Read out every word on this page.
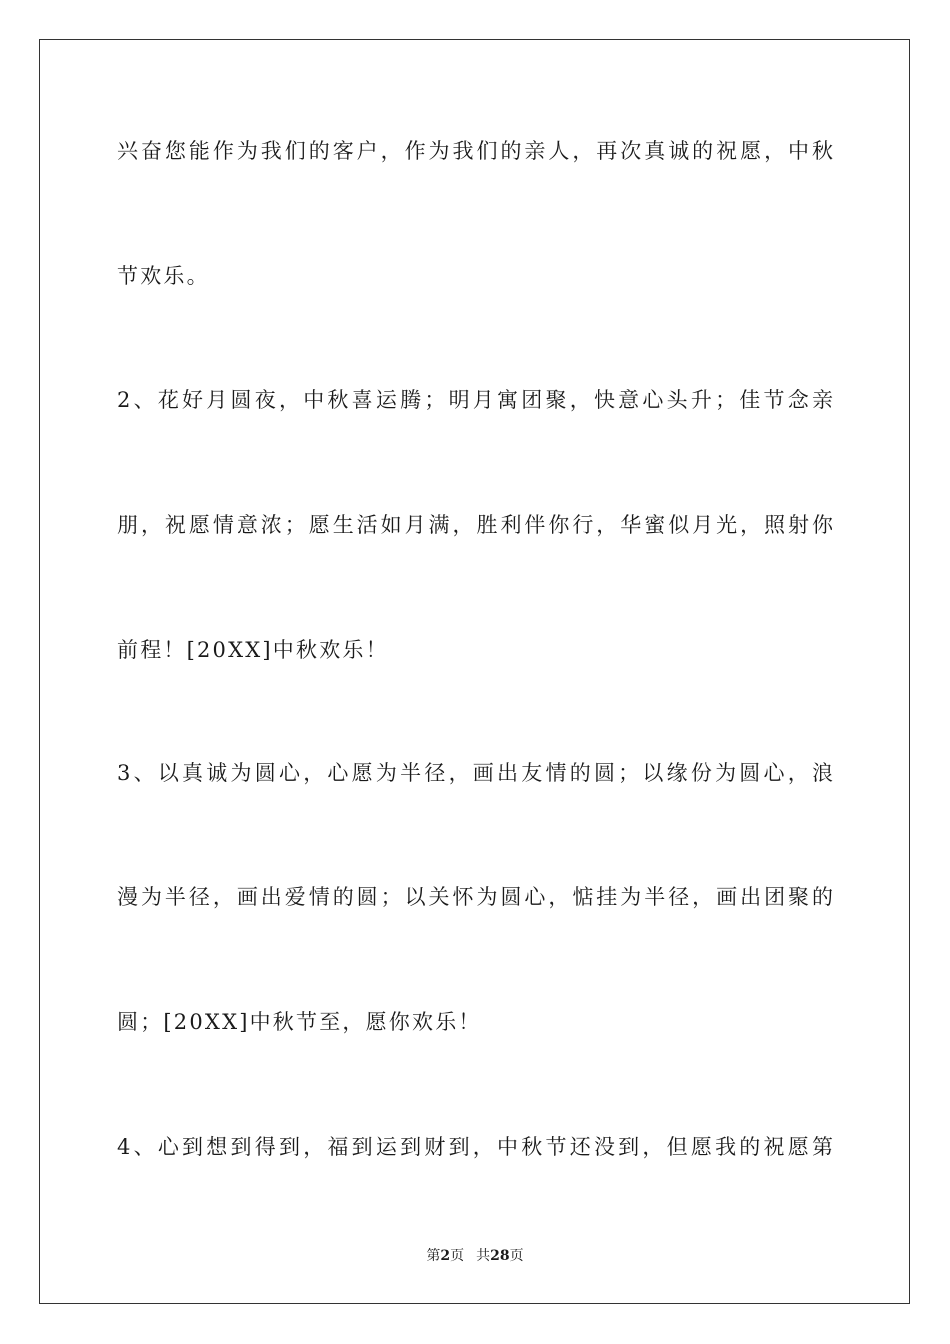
兴奋您能作为我们的客户，作为我们的亲人，再次真诚的祝愿，中秋
节欢乐。
2、花好月圆夜，中秋喜运腾；明月寓团聚，快意心头升；佳节念亲
朋，祝愿情意浓；愿生活如月满，胜利伴你行，华蜜似月光，照射你
前程！[20XX]中秋欢乐！
3、以真诚为圆心，心愿为半径，画出友情的圆；以缘份为圆心，浪
漫为半径，画出爱情的圆；以关怀为圆心，惦挂为半径，画出团聚的
圆；[20XX]中秋节至，愿你欢乐！
4、心到想到得到，福到运到财到，中秋节还没到，但愿我的祝愿第
第2页 共28页
